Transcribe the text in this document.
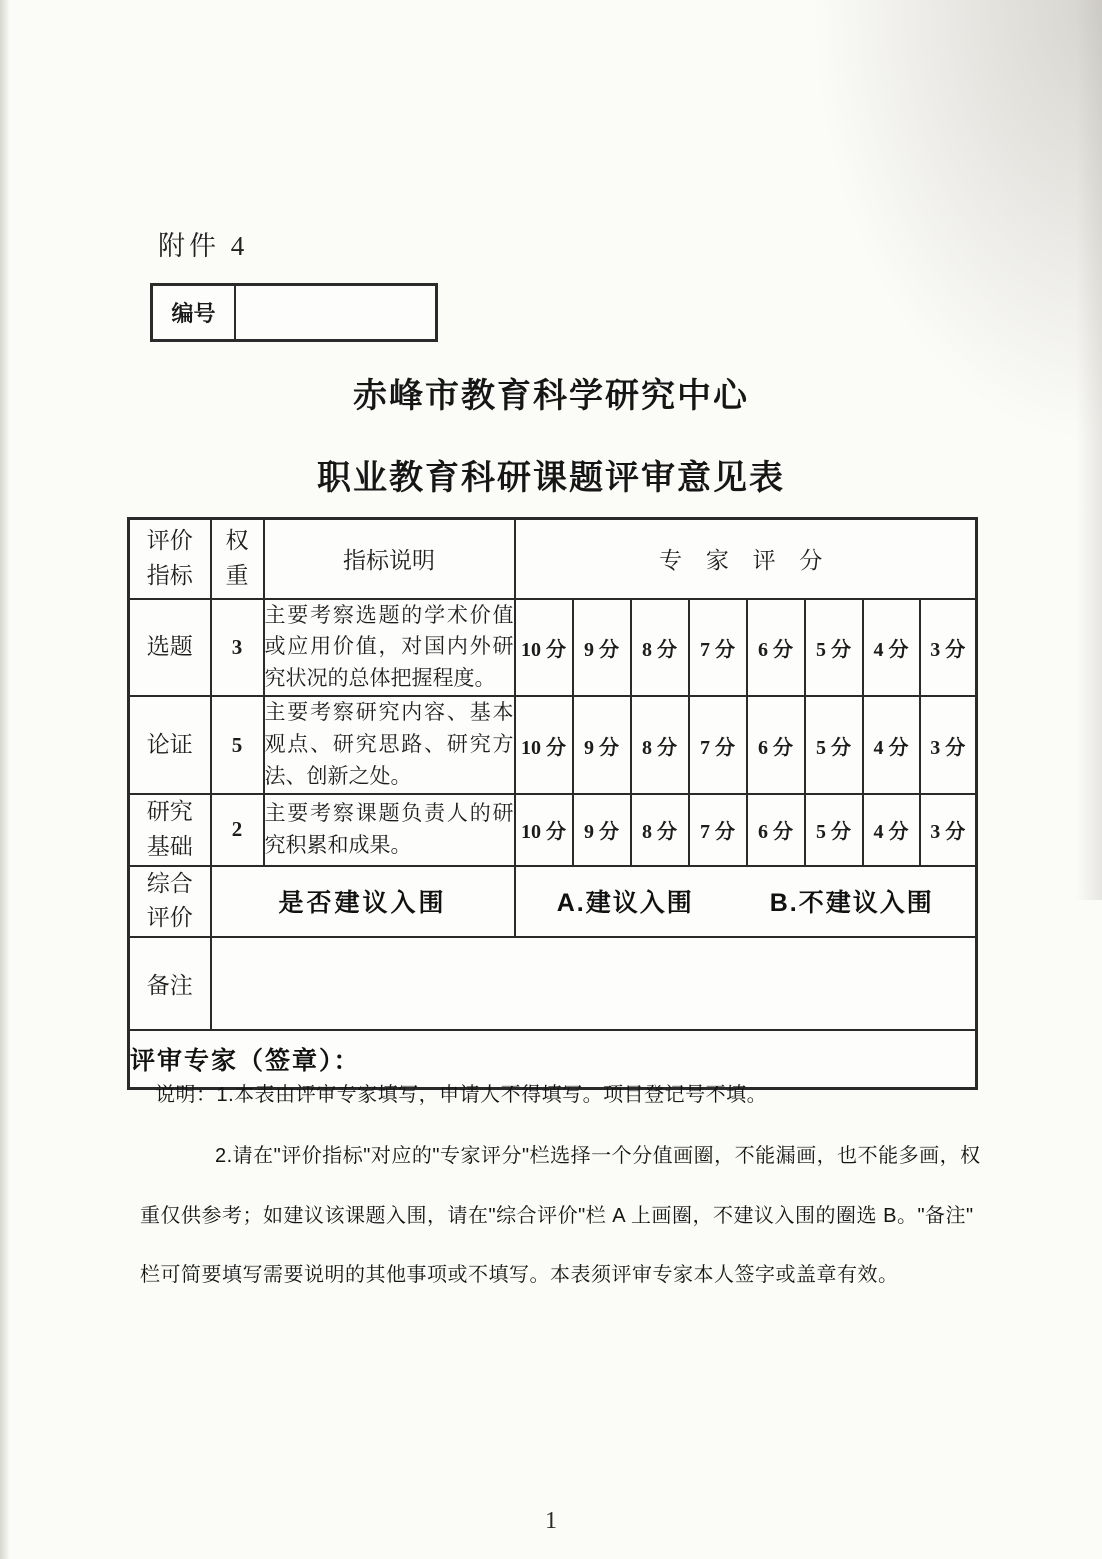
附件 4
编号
赤峰市教育科学研究中心
职业教育科研课题评审意见表
评价指标	权重	指标说明	专 家 评 分							
选题	3	主要考察选题的学术价值或应用价值，对国内外研究状况的总体把握程度。	10 分	9 分	8 分	7 分	6 分	5 分	4 分	3 分
论证	5	主要考察研究内容、基本观点、研究思路、研究方法、创新之处。	10 分	9 分	8 分	7 分	6 分	5 分	4 分	3 分
研究基础	2	主要考察课题负责人的研究积累和成果。	10 分	9 分	8 分	7 分	6 分	5 分	4 分	3 分
综合评价	是否建议入围		A.建议入围 B.不建议入围							

备注										
评审专家（签章）：										
说明：1.本表由评审专家填写，申请人不得填写。项目登记号不填。
2.请在"评价指标"对应的"专家评分"栏选择一个分值画圈，不能漏画，也不能多画，权
重仅供参考；如建议该课题入围，请在"综合评价"栏 A 上画圈，不建议入围的圈选 B。"备注"
栏可简要填写需要说明的其他事项或不填写。本表须评审专家本人签字或盖章有效。
1
